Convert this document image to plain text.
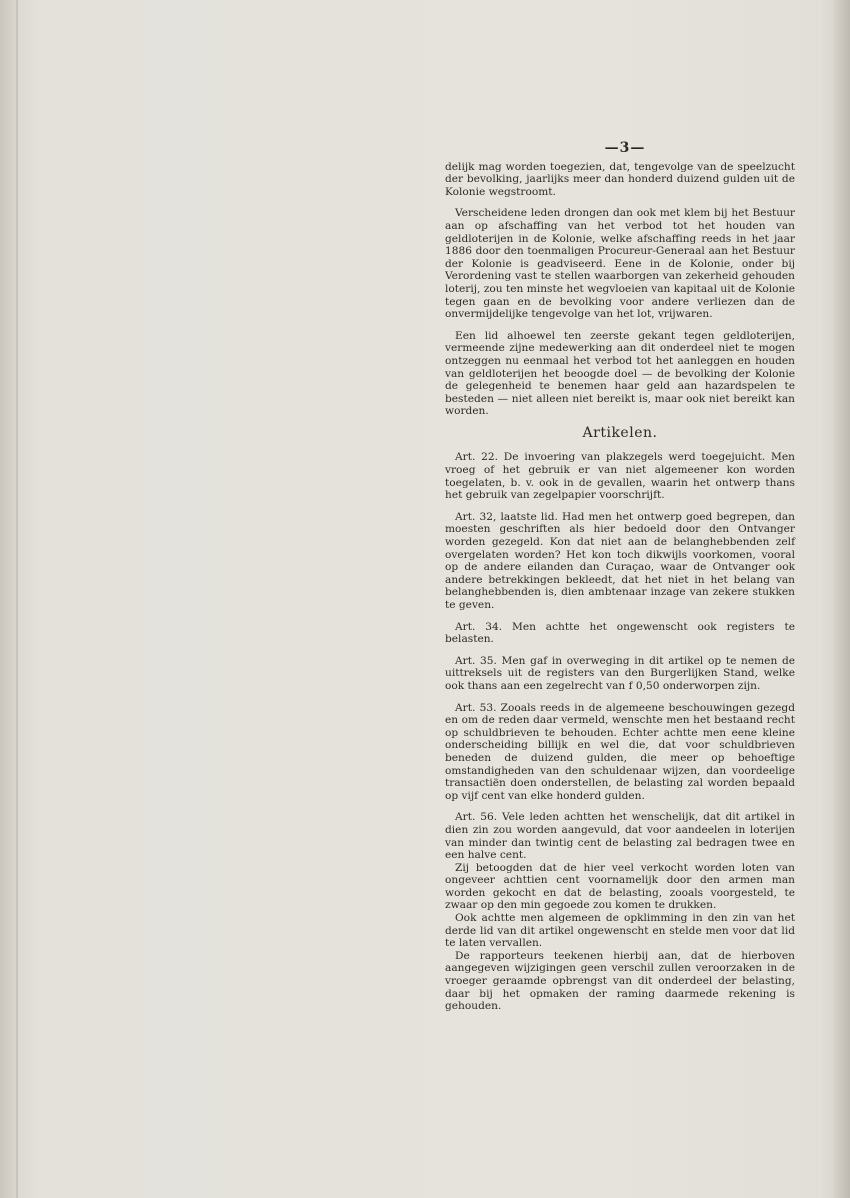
—3—

delijk mag worden toegezien, dat, tengevolge van de speelzucht der bevolking, jaarlijks meer dan honderd duizend gulden uit de Kolonie wegstroomt.

Verscheidene leden drongen dan ook met klem bij het Bestuur aan op afschaffing van het verbod tot het houden van geldloterijen in de Kolonie, welke afschaffing reeds in het jaar 1886 door den toenmaligen Procureur-Generaal aan het Bestuur der Kolonie is geadviseerd. Eene in de Kolonie, onder bij Verordening vast te stellen waarborgen van zekerheid gehouden loterij, zou ten minste het wegvloeien van kapitaal uit de Kolonie tegen gaan en de bevolking voor andere verliezen dan de onvermijdelijke tengevolge van het lot, vrijwaren.

Een lid alhoewel ten zeerste gekant tegen geldloterijen, vermeende zijne medewerking aan dit onderdeel niet te mogen ontzeggen nu eenmaal het verbod tot het aanleggen en houden van geldloterijen het beoogde doel — de bevolking der Kolonie de gelegenheid te benemen haar geld aan hazardspelen te besteden — niet alleen niet bereikt is, maar ook niet bereikt kan worden.

Artikelen.

Art. 22. De invoering van plakzegels werd toegejuicht. Men vroeg of het gebruik er van niet algemeener kon worden toegelaten, b. v. ook in de gevallen, waarin het ontwerp thans het gebruik van zegelpapier voorschrijft.

Art. 32, laatste lid. Had men het ontwerp goed begrepen, dan moesten geschriften als hier bedoeld door den Ontvanger worden gezegeld. Kon dat niet aan de belanghebbenden zelf overgelaten worden? Het kon toch dikwijls voorkomen, vooral op de andere eilanden dan Curaçao, waar de Ontvanger ook andere betrekkingen bekleedt, dat het niet in het belang van belanghebbenden is, dien ambtenaar inzage van zekere stukken te geven.

Art. 34. Men achtte het ongewenscht ook registers te belasten.

Art. 35. Men gaf in overweging in dit artikel op te nemen de uittreksels uit de registers van den Burgerlijken Stand, welke ook thans aan een zegelrecht van f 0,50 onderworpen zijn.

Art. 53. Zooals reeds in de algemeene beschouwingen gezegd en om de reden daar vermeld, wenschte men het bestaand recht op schuldbrieven te behouden. Echter achtte men eene kleine onderscheiding billijk en wel die, dat voor schuldbrieven beneden de duizend gulden, die meer op behoeftige omstandigheden van den schuldenaar wijzen, dan voordeelige transactiën doen onderstellen, de belasting zal worden bepaald op vijf cent van elke honderd gulden.

Art. 56. Vele leden achtten het wenschelijk, dat dit artikel in dien zin zou worden aangevuld, dat voor aandeelen in loterijen van minder dan twintig cent de belasting zal bedragen twee en een halve cent.

Zij betoogden dat de hier veel verkocht worden loten van ongeveer achttien cent voornamelijk door den armen man worden gekocht en dat de belasting, zooals voorgesteld, te zwaar op den min gegoede zou komen te drukken.

Ook achtte men algemeen de opklimming in den zin van het derde lid van dit artikel ongewenscht en stelde men voor dat lid te laten vervallen.

De rapporteurs teekenen hierbij aan, dat de hierboven aangegeven wijzigingen geen verschil zullen veroorzaken in de vroeger geraamde opbrengst van dit onderdeel der belasting, daar bij het opmaken der raming daarmede rekening is gehouden.
